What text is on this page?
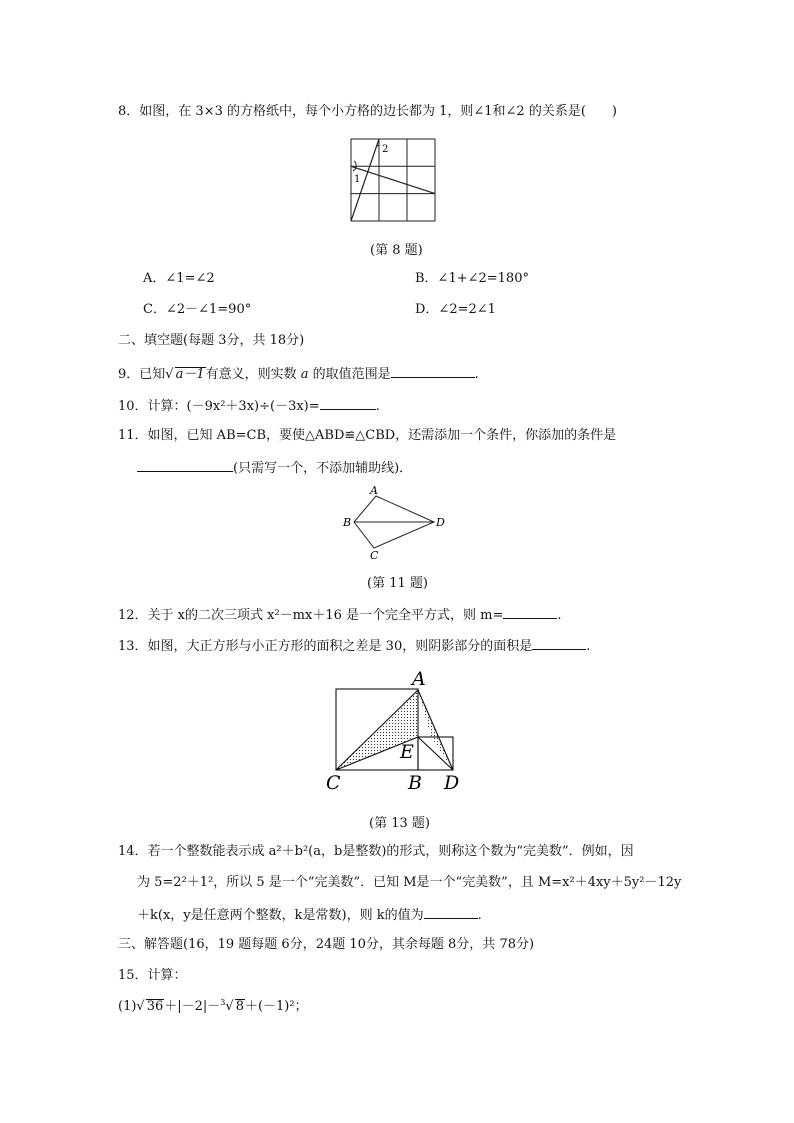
8．如图，在 3×3 的方格纸中，每个小方格的边长都为 1，则∠1和∠2 的关系是(　　)
2
1
(第 8 题)
A．∠1=∠2	B．∠1+∠2=180°
C．∠2－∠1=90°	D．∠2=2∠1
二、填空题(每题 3分，共 18分)
9．已知√ a－1有意义，则实数 a 的取值范围是	.
10．计算：(－9x²＋3x)÷(－3x)=	.
11．如图，已知 AB=CB，要使△ABD≌△CBD，还需添加一个条件，你添加的条件是
(只需写一个，不添加辅助线)．
A
B
C
D
(第 11 题)
12．关于 x的二次三项式 x²－mx＋16 是一个完全平方式，则 m=	.
13．如图，大正方形与小正方形的面积之差是 30，则阴影部分的面积是	.
A
E
C	B D
(第 13 题)
14．若一个整数能表示成 a²＋b²(a，b是整数)的形式，则称这个数为“完美数”．例如，因
为 5=2²＋1²，所以 5 是一个“完美数”．已知 M是一个“完美数”，且 M=x²＋4xy＋5y²－12y
＋k(x，y是任意两个整数，k是常数)，则 k的值为	.
三、解答题(16，19 题每题 6分，24题 10分，其余每题 8分，共 78分)
15．计算：
(1)√ 36＋|－2|－$^3$√ 8＋(－1)²；
